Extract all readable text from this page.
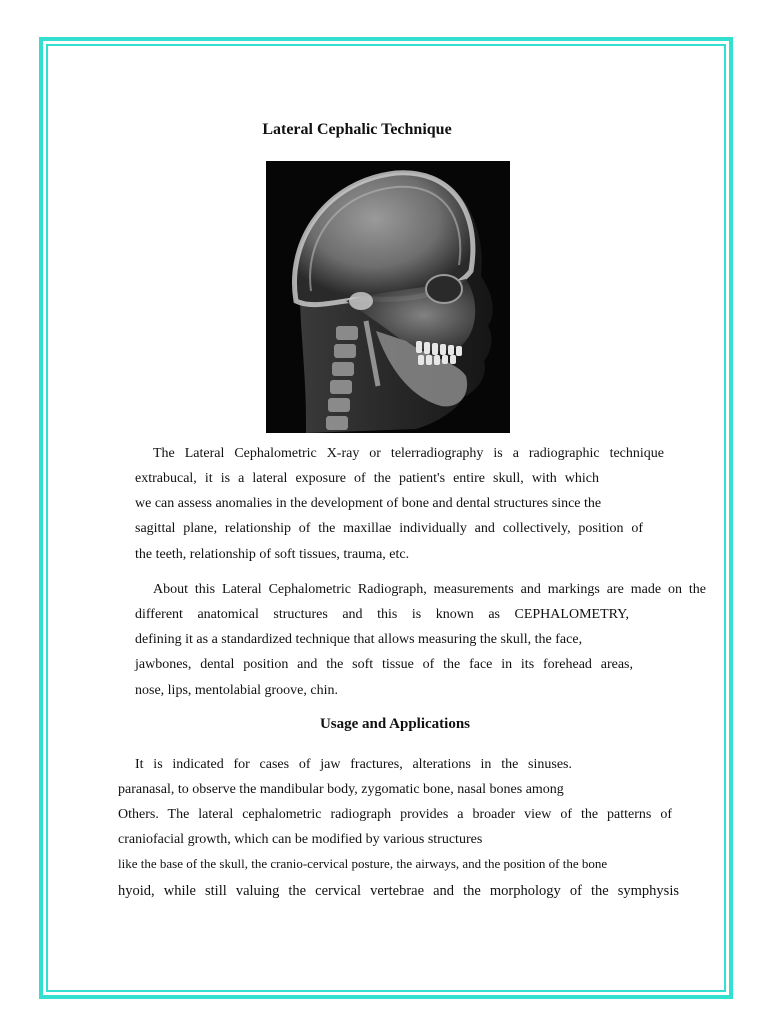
Lateral Cephalic Technique
The Lateral Cephalometric X-ray or telerradiography is a radiographic technique
extrabucal, it is a lateral exposure of the patient's entire skull, with which
we can assess anomalies in the development of bone and dental structures since the
sagittal plane, relationship of the maxillae individually and collectively, position of
the teeth, relationship of soft tissues, trauma, etc.
About this Lateral Cephalometric Radiograph, measurements and markings are made on the
different anatomical structures and this is known as CEPHALOMETRY,
defining it as a standardized technique that allows measuring the skull, the face,
jawbones, dental position and the soft tissue of the face in its forehead areas,
nose, lips, mentolabial groove, chin.
Usage and Applications
It is indicated for cases of jaw fractures, alterations in the sinuses.
paranasal, to observe the mandibular body, zygomatic bone, nasal bones among
Others. The lateral cephalometric radiograph provides a broader view of the patterns of
craniofacial growth, which can be modified by various structures
like the base of the skull, the cranio-cervical posture, the airways, and the position of the bone
hyoid, while still valuing the cervical vertebrae and the morphology of the symphysis
